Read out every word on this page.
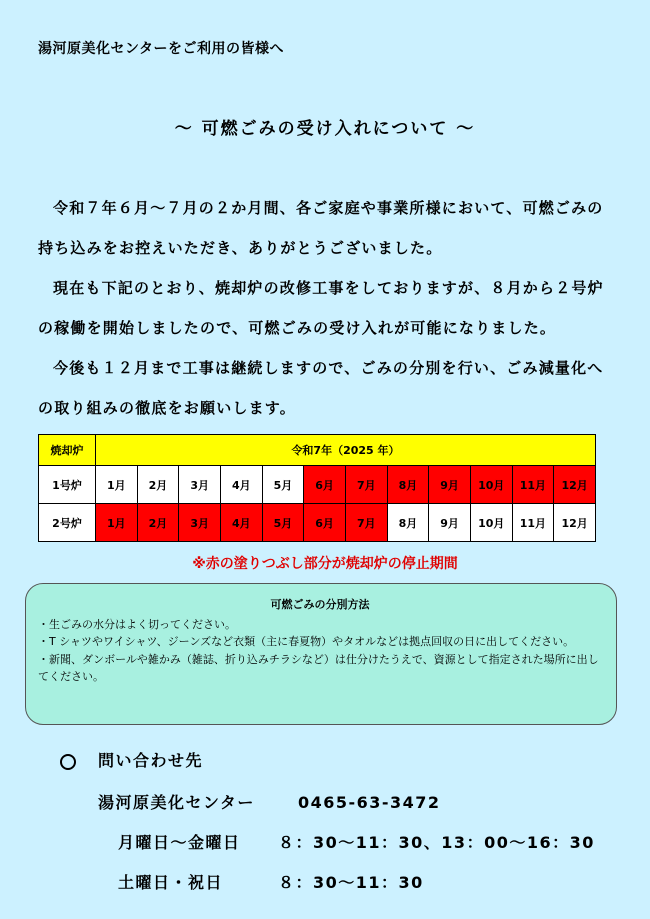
湯河原美化センターをご利用の皆様へ
～ 可燃ごみの受け入れについて ～

令和７年６月～７月の２か月間、各ご家庭や事業所様において、可燃ごみの持ち込みをお控えいただき、ありがとうございました。

現在も下記のとおり、焼却炉の改修工事をしておりますが、８月から２号炉の稼働を開始しましたので、可燃ごみの受け入れが可能になりました。

今後も１２月まで工事は継続しますので、ごみの分別を行い、ごみ減量化への取り組みの徹底をお願いします。

焼却炉	令和7年（2025 年）											
1号炉	1月	2月	3月	4月	5月	6月	7月	8月	9月	10月	11月	12月
2号炉	1月	2月	3月	4月	5月	6月	7月	8月	9月	10月	11月	12月
※赤の塗りつぶし部分が焼却炉の停止期間
可燃ごみの分別方法

・生ごみの水分はよく切ってください。

・T シャツやワイシャツ、ジーンズなど衣類（主に春夏物）やタオルなどは拠点回収の日に出してください。

・新聞、ダンボールや雑かみ（雑誌、折り込みチラシなど）は仕分けたうえで、資源として指定された場所に出してください。

問い合わせ先
湯河原美化センター	0465-63-3472
月曜日～金曜日 ８：30～11：30、13：00～16：30
土曜日・祝日	８：30～11：30
